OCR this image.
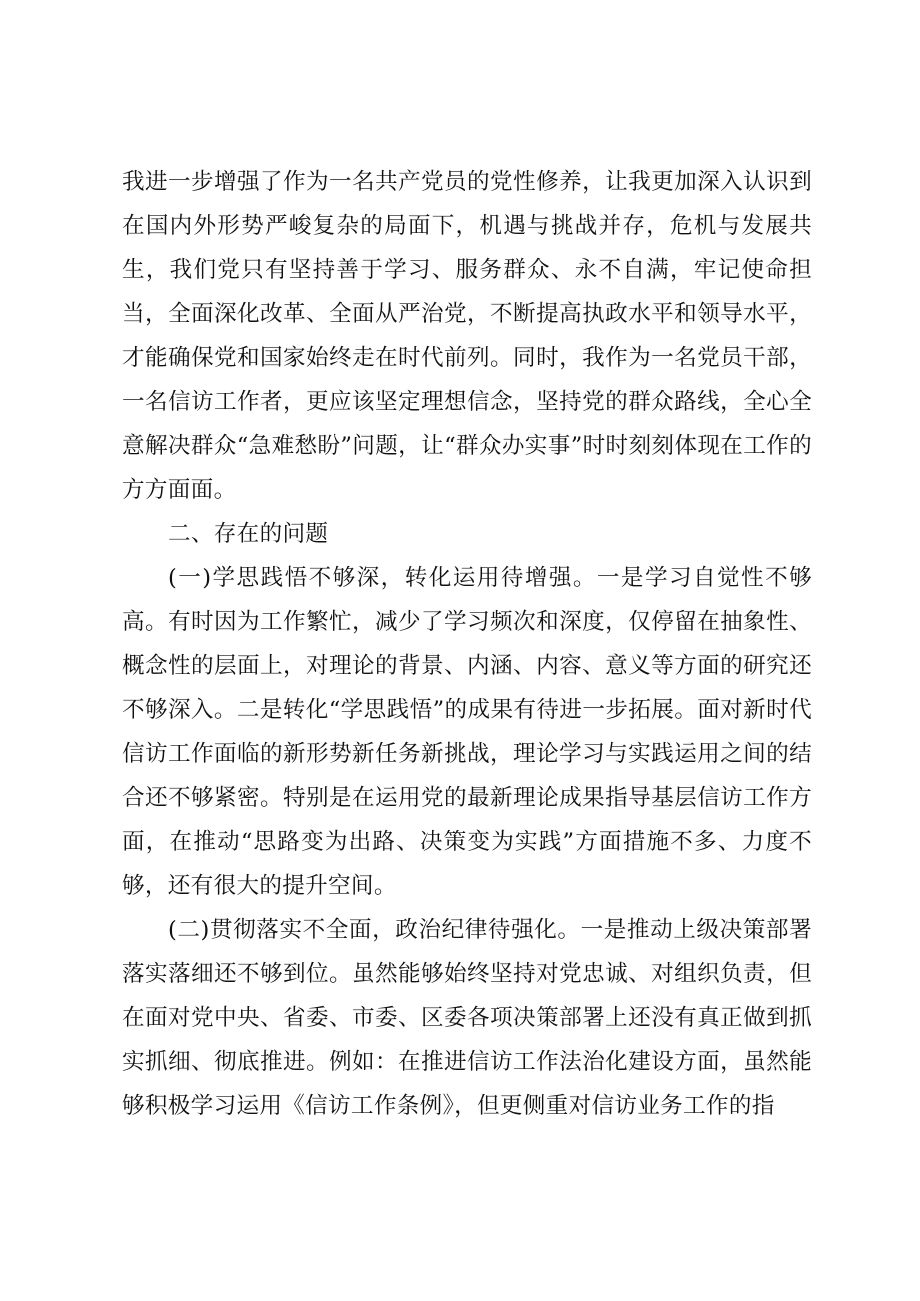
我进一步增强了作为一名共产党员的党性修养，让我更加深入认识到在国内外形势严峻复杂的局面下，机遇与挑战并存，危机与发展共生，我们党只有坚持善于学习、服务群众、永不自满，牢记使命担当，全面深化改革、全面从严治党，不断提高执政水平和领导水平，才能确保党和国家始终走在时代前列。同时，我作为一名党员干部，一名信访工作者，更应该坚定理想信念，坚持党的群众路线，全心全意解决群众“急难愁盼”问题，让“群众办实事”时时刻刻体现在工作的方方面面。

二、存在的问题

(一)学思践悟不够深，转化运用待增强。一是学习自觉性不够高。有时因为工作繁忙，减少了学习频次和深度，仅停留在抽象性、概念性的层面上，对理论的背景、内涵、内容、意义等方面的研究还不够深入。二是转化“学思践悟”的成果有待进一步拓展。面对新时代信访工作面临的新形势新任务新挑战，理论学习与实践运用之间的结合还不够紧密。特别是在运用党的最新理论成果指导基层信访工作方面，在推动“思路变为出路、决策变为实践”方面措施不多、力度不够，还有很大的提升空间。

(二)贯彻落实不全面，政治纪律待强化。一是推动上级决策部署落实落细还不够到位。虽然能够始终坚持对党忠诚、对组织负责，但在面对党中央、省委、市委、区委各项决策部署上还没有真正做到抓实抓细、彻底推进。例如：在推进信访工作法治化建设方面，虽然能够积极学习运用《信访工作条例》，但更侧重对信访业务工作的指
